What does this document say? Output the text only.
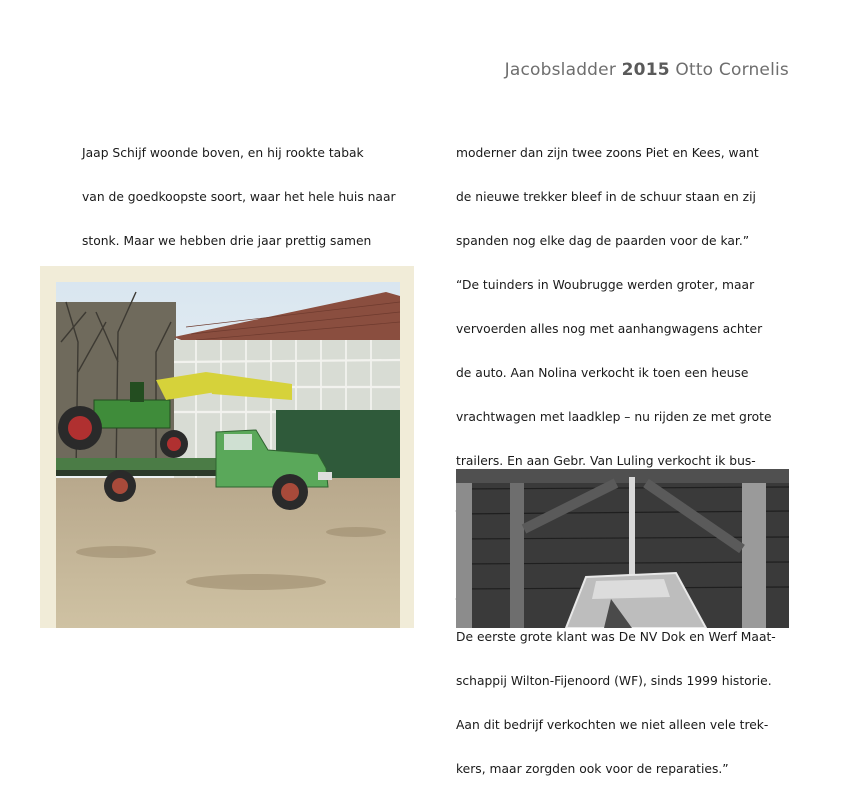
Jacobsladder 2015 Otto Cornelis

Jaap Schijf woonde boven, en hij rookte tabak

van de goedkoopste soort, waar het hele huis naar

stonk. Maar we hebben drie jaar prettig samen

moderner dan zijn twee zoons Piet en Kees, want

de nieuwe trekker bleef in de schuur staan en zij

spanden nog elke dag de paarden voor de kar.”

“De tuinders in Woubrugge werden groter, maar

vervoerden alles nog met aanhangwagens achter

de auto. Aan Nolina verkocht ik toen een heuse

vrachtwagen met laadklep – nu rijden ze met grote

trailers. En aan Gebr. Van Luling verkocht ik bus-

De eerste grote klant was De NV Dok en Werf Maat-

schappij Wilton-Fijenoord (WF), sinds 1999 historie.

Aan dit bedrijf verkochten we niet alleen vele trek-

kers, maar zorgden ook voor de reparaties.”
